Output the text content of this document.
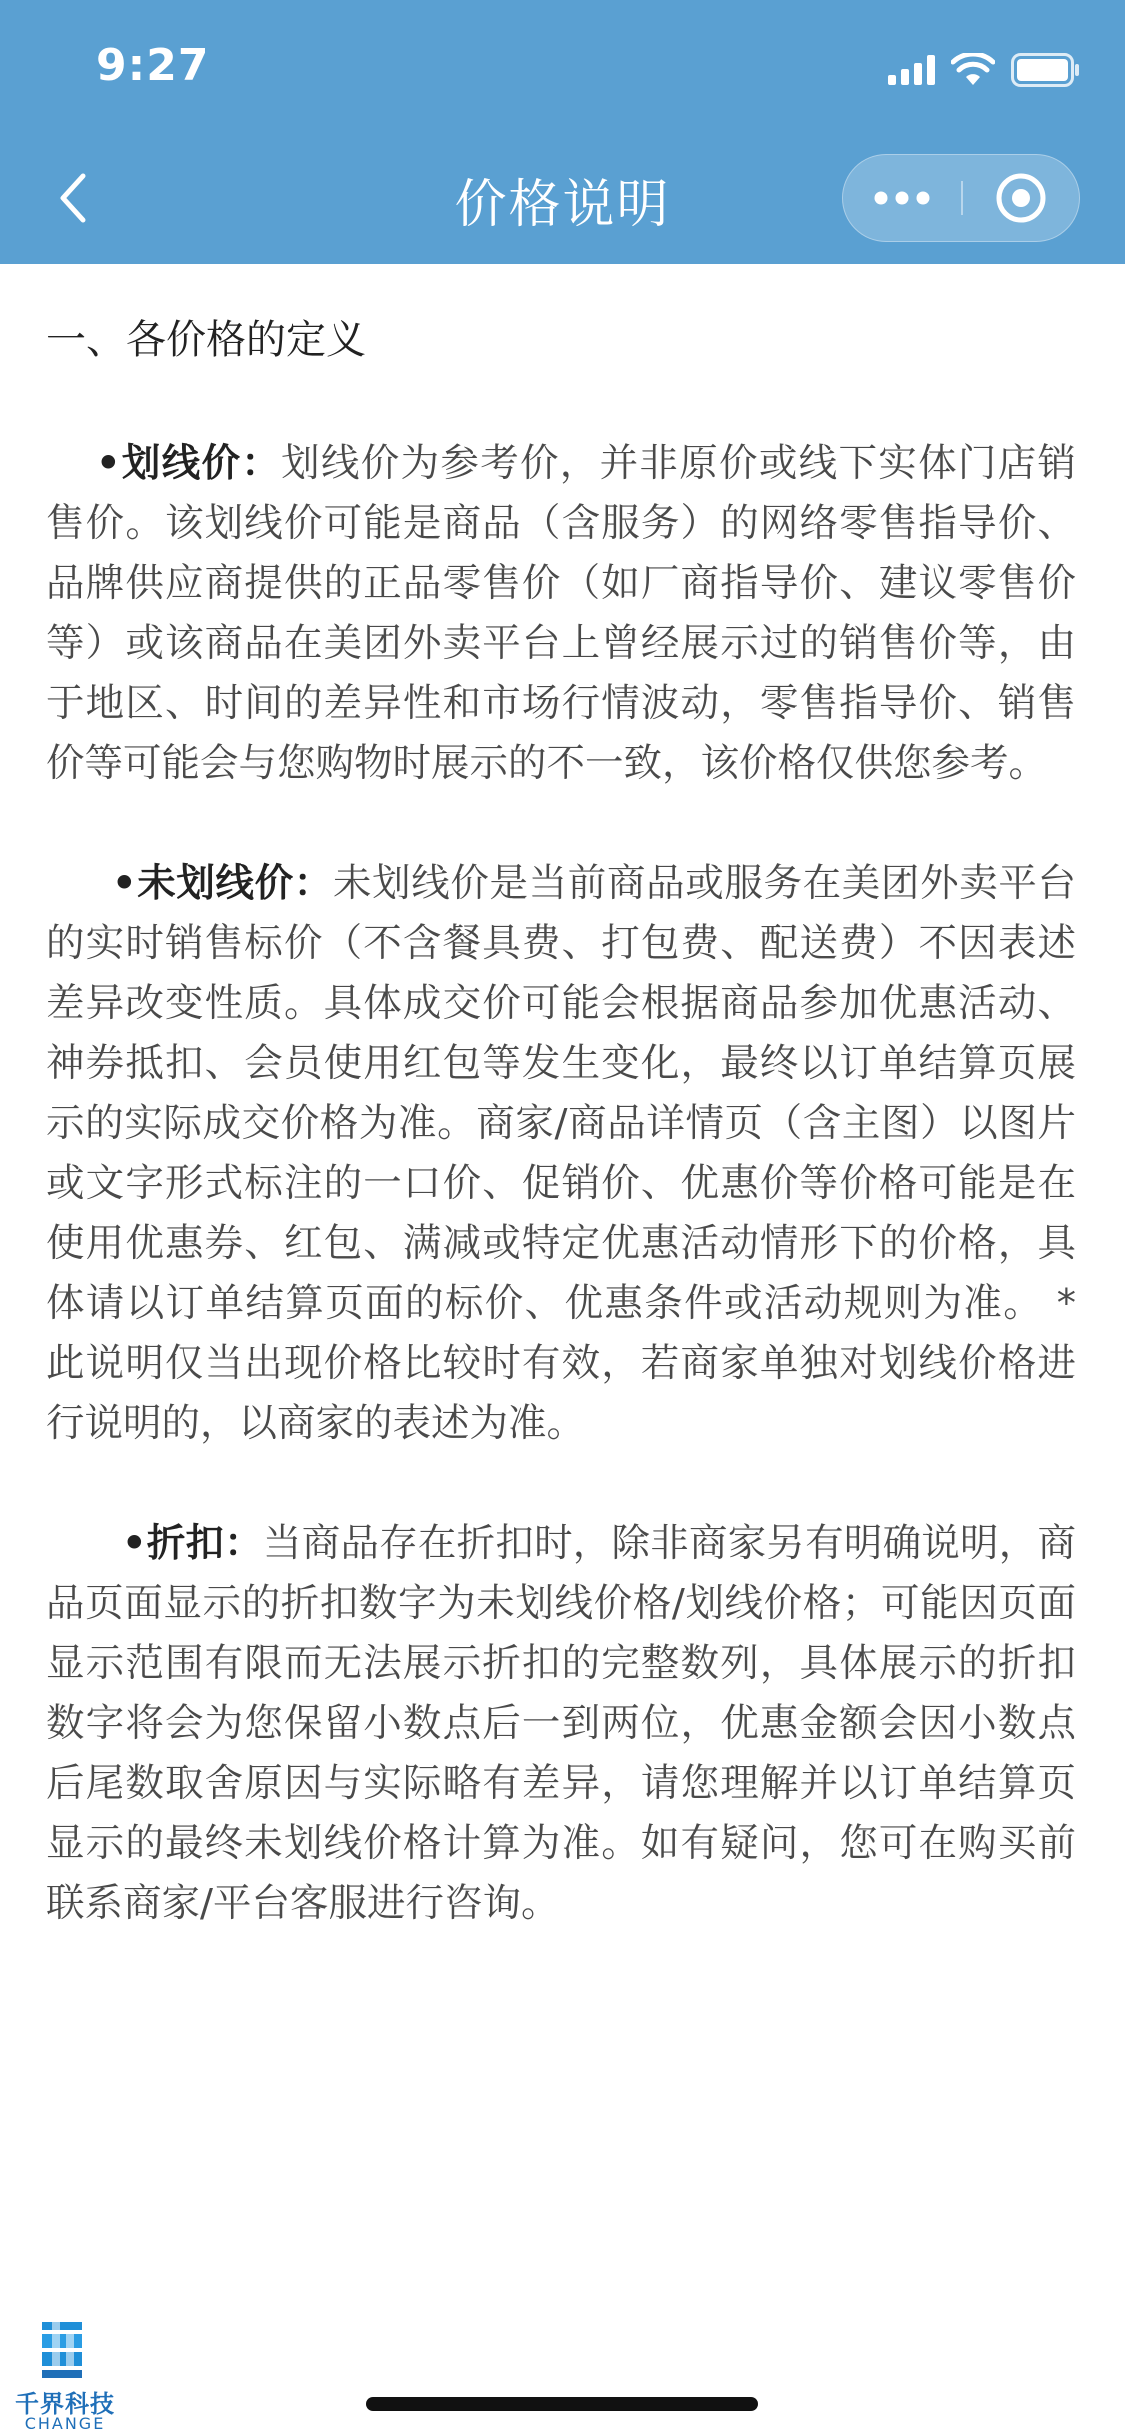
9:27
价格说明
一、各价格的定义

•划线价：划线价为参考价，并非原价或线下实体门店销售价。该划线价可能是商品（含服务）的网络零售指导价、品牌供应商提供的正品零售价（如厂商指导价、建议零售价等）或该商品在美团外卖平台上曾经展示过的销售价等，由于地区、时间的差异性和市场行情波动，零售指导价、销售价等可能会与您购物时展示的不一致，该价格仅供您参考。

•未划线价：未划线价是当前商品或服务在美团外卖平台的实时销售标价（不含餐具费、打包费、配送费）不因表述差异改变性质。具体成交价可能会根据商品参加优惠活动、神券抵扣、会员使用红包等发生变化，最终以订单结算页展示的实际成交价格为准。商家/商品详情页（含主图）以图片或文字形式标注的一口价、促销价、优惠价等价格可能是在使用优惠券、红包、满减或特定优惠活动情形下的价格，具体请以订单结算页面的标价、优惠条件或活动规则为准。 *此说明仅当出现价格比较时有效，若商家单独对划线价格进行说明的，以商家的表述为准。

•折扣：当商品存在折扣时，除非商家另有明确说明，商品页面显示的折扣数字为未划线价格/划线价格；可能因页面显示范围有限而无法展示折扣的完整数列，具体展示的折扣数字将会为您保留小数点后一到两位，优惠金额会因小数点后尾数取舍原因与实际略有差异，请您理解并以订单结算页显示的最终未划线价格计算为准。如有疑问，您可在购买前联系商家/平台客服进行咨询。

千界科技
CHANGE
